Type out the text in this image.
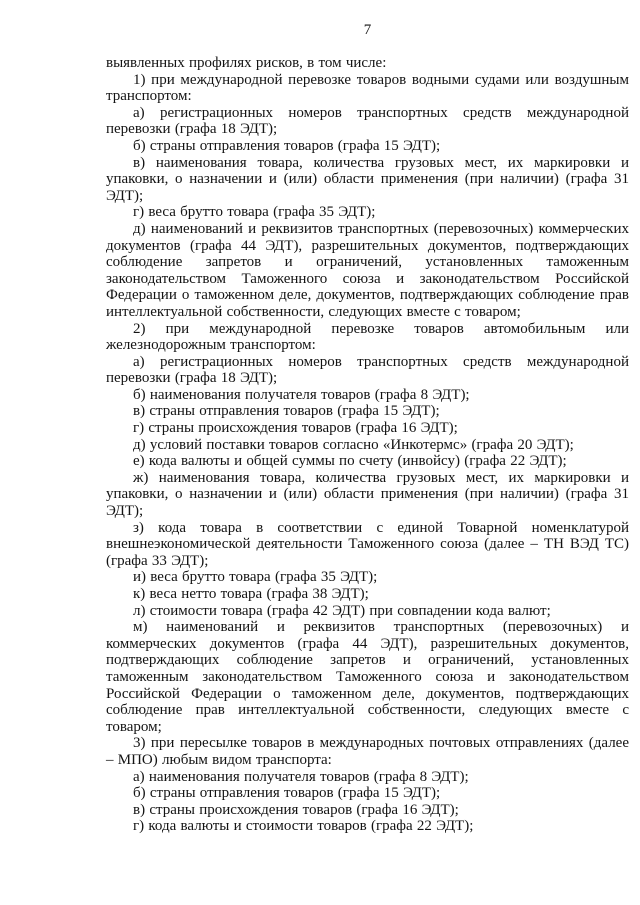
7

выявленных профилях рисков, в том числе:

1) при международной перевозке товаров водными судами или воздушным транспортом:

а) регистрационных номеров транспортных средств международной перевозки (графа 18 ЭДТ);

б) страны отправления товаров (графа 15 ЭДТ);

в) наименования товара, количества грузовых мест, их маркировки и упаковки, о назначении и (или) области применения (при наличии) (графа 31 ЭДТ);

г) веса брутто товара (графа 35 ЭДТ);

д) наименований и реквизитов транспортных (перевозочных) коммерческих документов (графа 44 ЭДТ), разрешительных документов, подтверждающих соблюдение запретов и ограничений, установленных таможенным законодательством Таможенного союза и законодательством Российской Федерации о таможенном деле, документов, подтверждающих соблюдение прав интеллектуальной собственности, следующих вместе с товаром;

2) при международной перевозке товаров автомобильным или железнодорожным транспортом:

а) регистрационных номеров транспортных средств международной перевозки (графа 18 ЭДТ);

б) наименования получателя товаров (графа 8 ЭДТ);

в) страны отправления товаров (графа 15 ЭДТ);

г) страны происхождения товаров (графа 16 ЭДТ);

д) условий поставки товаров согласно «Инкотермс» (графа 20 ЭДТ);

е) кода валюты и общей суммы по счету (инвойсу) (графа 22 ЭДТ);

ж) наименования товара, количества грузовых мест, их маркировки и упаковки, о назначении и (или) области применения (при наличии) (графа 31 ЭДТ);

з) кода товара в соответствии с единой Товарной номенклатурой внешнеэкономической деятельности Таможенного союза (далее – ТН ВЭД ТС) (графа 33 ЭДТ);

и) веса брутто товара (графа 35 ЭДТ);

к) веса нетто товара (графа 38 ЭДТ);

л) стоимости товара (графа 42 ЭДТ) при совпадении кода валют;

м) наименований и реквизитов транспортных (перевозочных) и коммерческих документов (графа 44 ЭДТ), разрешительных документов, подтверждающих соблюдение запретов и ограничений, установленных таможенным законодательством Таможенного союза и законодательством Российской Федерации о таможенном деле, документов, подтверждающих соблюдение прав интеллектуальной собственности, следующих вместе с товаром;

3) при пересылке товаров в международных почтовых отправлениях (далее – МПО) любым видом транспорта:

а) наименования получателя товаров (графа 8 ЭДТ);

б) страны отправления товаров (графа 15 ЭДТ);

в) страны происхождения товаров (графа 16 ЭДТ);

г) кода валюты и стоимости товаров (графа 22 ЭДТ);
